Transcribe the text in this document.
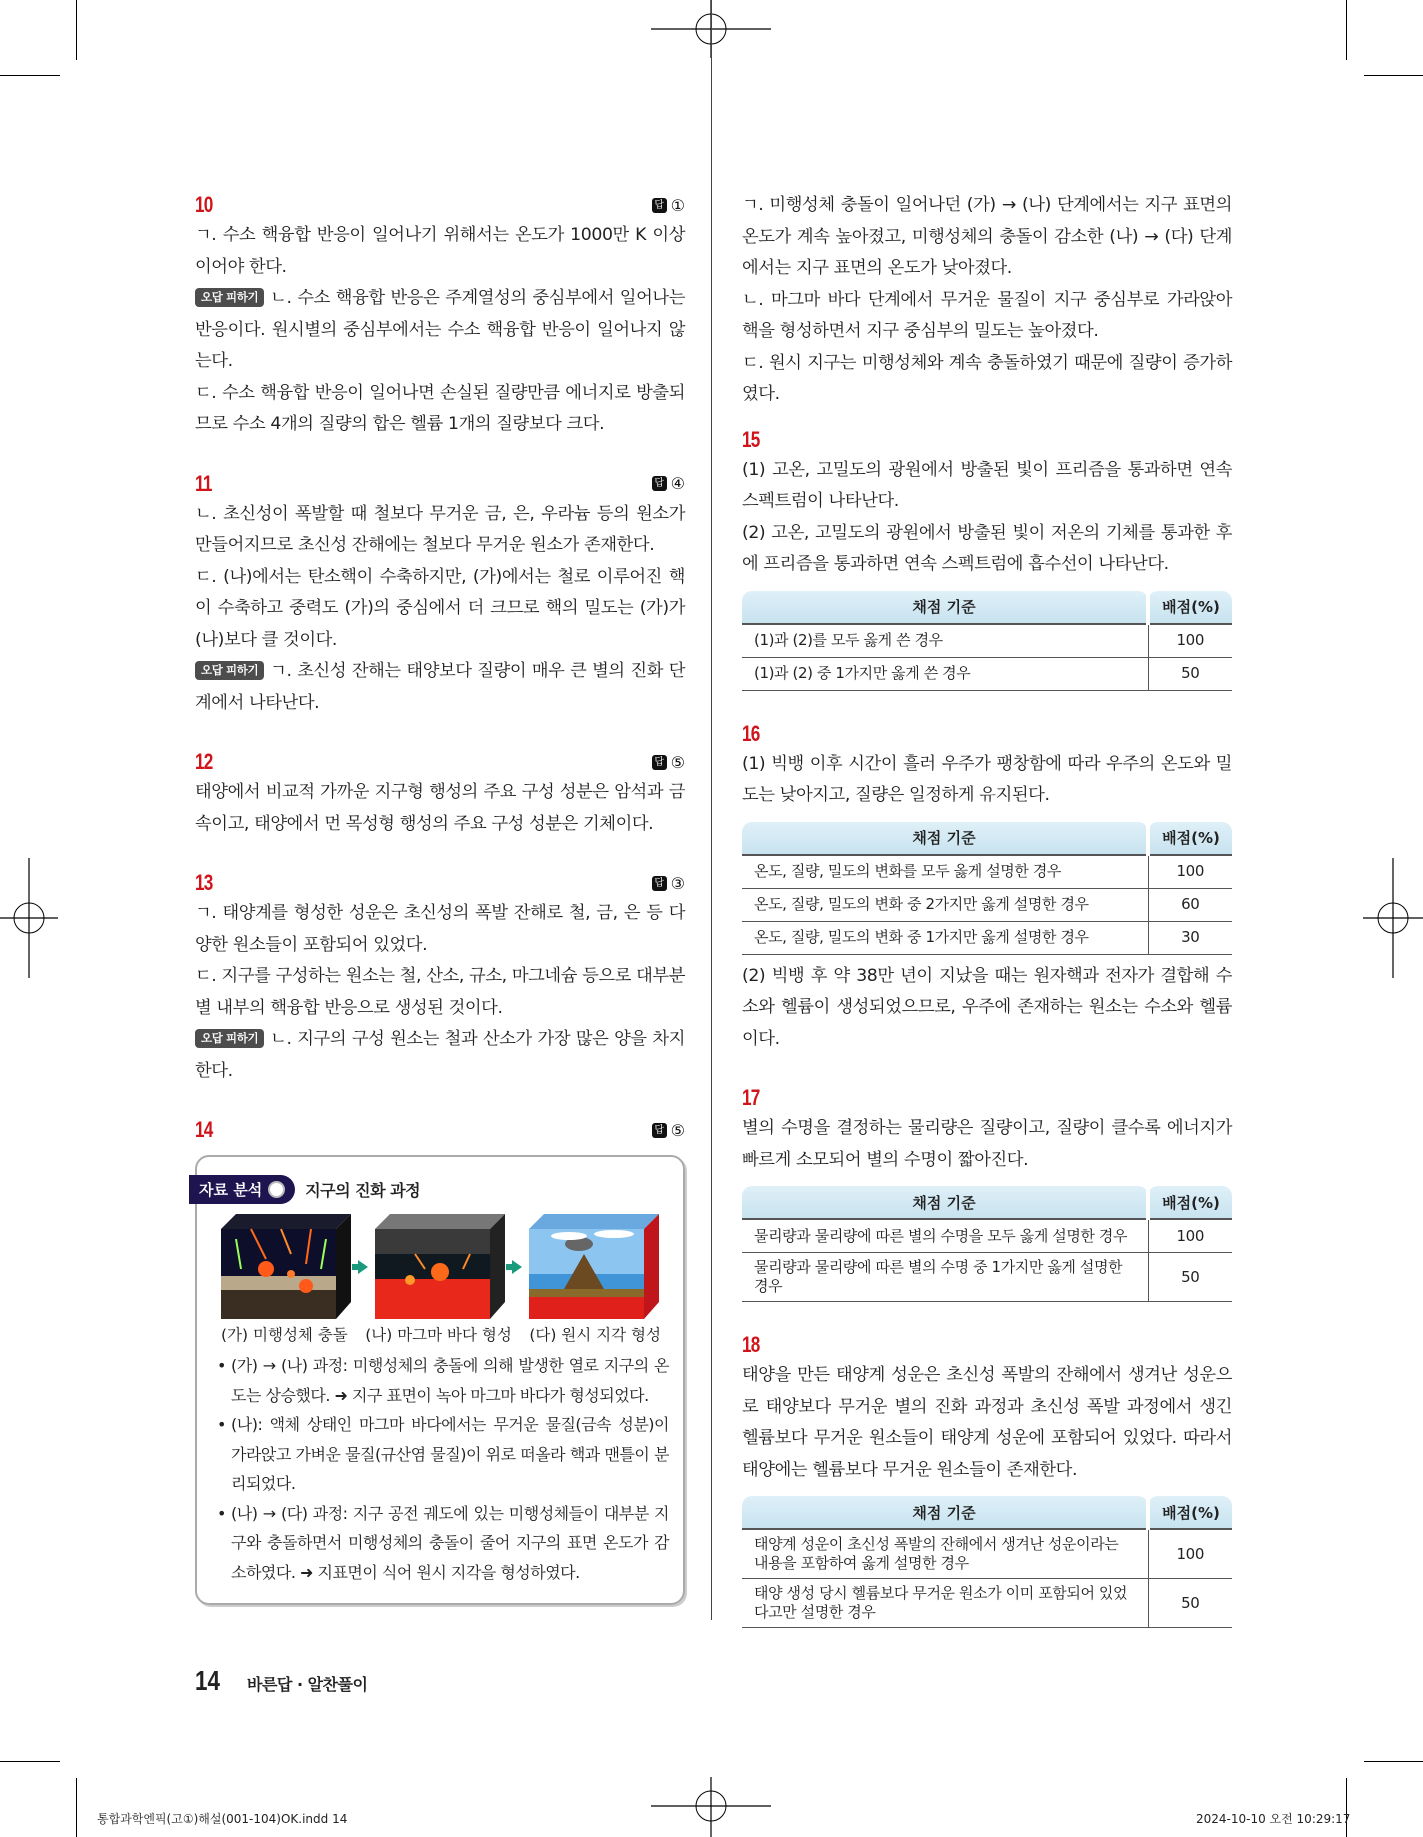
10	답 ①

ㄱ. 수소 핵융합 반응이 일어나기 위해서는 온도가 1000만 K 이상이어야 한다.

오답 피하기 ㄴ. 수소 핵융합 반응은 주계열성의 중심부에서 일어나는 반응이다. 원시별의 중심부에서는 수소 핵융합 반응이 일어나지 않는다.

ㄷ. 수소 핵융합 반응이 일어나면 손실된 질량만큼 에너지로 방출되므로 수소 4개의 질량의 합은 헬륨 1개의 질량보다 크다.

11	답 ④

ㄴ. 초신성이 폭발할 때 철보다 무거운 금, 은, 우라늄 등의 원소가 만들어지므로 초신성 잔해에는 철보다 무거운 원소가 존재한다.

ㄷ. (나)에서는 탄소핵이 수축하지만, (가)에서는 철로 이루어진 핵이 수축하고 중력도 (가)의 중심에서 더 크므로 핵의 밀도는 (가)가 (나)보다 클 것이다.

오답 피하기 ㄱ. 초신성 잔해는 태양보다 질량이 매우 큰 별의 진화 단계에서 나타난다.

12	답 ⑤

태양에서 비교적 가까운 지구형 행성의 주요 구성 성분은 암석과 금속이고, 태양에서 먼 목성형 행성의 주요 구성 성분은 기체이다.

13	답 ③

ㄱ. 태양계를 형성한 성운은 초신성의 폭발 잔해로 철, 금, 은 등 다양한 원소들이 포함되어 있었다.

ㄷ. 지구를 구성하는 원소는 철, 산소, 규소, 마그네슘 등으로 대부분 별 내부의 핵융합 반응으로 생성된 것이다.

오답 피하기 ㄴ. 지구의 구성 원소는 철과 산소가 가장 많은 양을 차지한다.

14	답 ⑤
자료 분석	지구의 진화 과정
(가) 미행성체 충돌 (나) 마그마 바다 형성 (다) 원시 지각 형성
• (가) → (나) 과정: 미행성체의 충돌에 의해 발생한 열로 지구의 온도는 상승했다. ➜ 지구 표면이 녹아 마그마 바다가 형성되었다.
• (나): 액체 상태인 마그마 바다에서는 무거운 물질(금속 성분)이 가라앉고 가벼운 물질(규산염 물질)이 위로 떠올라 핵과 맨틀이 분리되었다.
• (나) → (다) 과정: 지구 공전 궤도에 있는 미행성체들이 대부분 지구와 충돌하면서 미행성체의 충돌이 줄어 지구의 표면 온도가 감소하였다. ➜ 지표면이 식어 원시 지각을 형성하였다.

ㄱ. 미행성체 충돌이 일어나던 (가) → (나) 단계에서는 지구 표면의 온도가 계속 높아졌고, 미행성체의 충돌이 감소한 (나) → (다) 단계에서는 지구 표면의 온도가 낮아졌다.

ㄴ. 마그마 바다 단계에서 무거운 물질이 지구 중심부로 가라앉아 핵을 형성하면서 지구 중심부의 밀도는 높아졌다.

ㄷ. 원시 지구는 미행성체와 계속 충돌하였기 때문에 질량이 증가하였다.

15

(1) 고온, 고밀도의 광원에서 방출된 빛이 프리즘을 통과하면 연속 스펙트럼이 나타난다.

(2) 고온, 고밀도의 광원에서 방출된 빛이 저온의 기체를 통과한 후에 프리즘을 통과하면 연속 스펙트럼에 흡수선이 나타난다.

채점 기준	배점(%)
(1)과 (2)를 모두 옳게 쓴 경우	100
(1)과 (2) 중 1가지만 옳게 쓴 경우	50
16

(1) 빅뱅 이후 시간이 흘러 우주가 팽창함에 따라 우주의 온도와 밀도는 낮아지고, 질량은 일정하게 유지된다.

채점 기준	배점(%)
온도, 질량, 밀도의 변화를 모두 옳게 설명한 경우	100
온도, 질량, 밀도의 변화 중 2가지만 옳게 설명한 경우	60
온도, 질량, 밀도의 변화 중 1가지만 옳게 설명한 경우	30

(2) 빅뱅 후 약 38만 년이 지났을 때는 원자핵과 전자가 결합해 수소와 헬륨이 생성되었으므로, 우주에 존재하는 원소는 수소와 헬륨이다.

17

별의 수명을 결정하는 물리량은 질량이고, 질량이 클수록 에너지가 빠르게 소모되어 별의 수명이 짧아진다.

채점 기준	배점(%)
물리량과 물리량에 따른 별의 수명을 모두 옳게 설명한 경우	100
물리량과 물리량에 따른 별의 수명 중 1가지만 옳게 설명한 경우	50
18

태양을 만든 태양계 성운은 초신성 폭발의 잔해에서 생겨난 성운으로 태양보다 무거운 별의 진화 과정과 초신성 폭발 과정에서 생긴 헬륨보다 무거운 원소들이 태양계 성운에 포함되어 있었다. 따라서 태양에는 헬륨보다 무거운 원소들이 존재한다.

채점 기준	배점(%)
태양계 성운이 초신성 폭발의 잔해에서 생겨난 성운이라는 내용을 포함하여 옳게 설명한 경우	100
태양 생성 당시 헬륨보다 무거운 원소가 이미 포함되어 있었다고만 설명한 경우	50
14 바른답 · 알찬풀이
통합과학엔픽(고①)해설(001-104)OK.indd 14	2024-10-10 오전 10:29:17
